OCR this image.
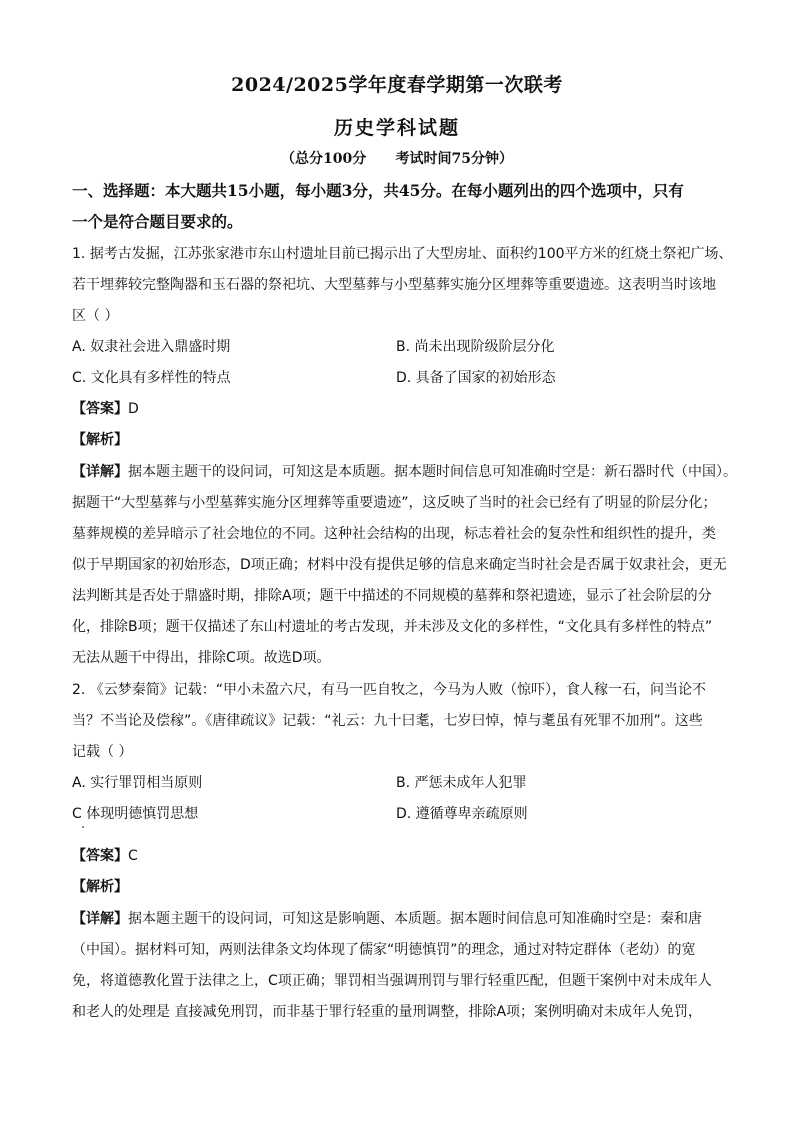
2024/2025学年度春学期第一次联考
历史学科试题
（总分100分      考试时间75分钟）
一、选择题：本大题共15小题，每小题3分，共45分。在每小题列出的四个选项中，只有
一个是符合题目要求的。
1. 据考古发掘，江苏张家港市东山村遗址目前已揭示出了大型房址、面积约100平方米的红烧土祭祀广场、
若干埋葬较完整陶器和玉石器的祭祀坑、大型墓葬与小型墓葬实施分区埋葬等重要遗迹。这表明当时该地
区（ ）
A. 奴隶社会进入鼎盛时期	B. 尚未出现阶级阶层分化
C. 文化具有多样性的特点	D. 具备了国家的初始形态
【答案】D
【解析】
【详解】据本题主题干的设问词，可知这是本质题。据本题时间信息可知准确时空是：新石器时代（中国）。
据题干“大型墓葬与小型墓葬实施分区埋葬等重要遗迹”，这反映了当时的社会已经有了明显的阶层分化；
墓葬规模的差异暗示了社会地位的不同。这种社会结构的出现，标志着社会的复杂性和组织性的提升，类
似于早期国家的初始形态，D项正确；材料中没有提供足够的信息来确定当时社会是否属于奴隶社会，更无
法判断其是否处于鼎盛时期，排除A项；题干中描述的不同规模的墓葬和祭祀遗迹，显示了社会阶层的分
化，排除B项；题干仅描述了东山村遗址的考古发现，并未涉及文化的多样性，“文化具有多样性的特点”
无法从题干中得出，排除C项。故选D项。
2. 《云梦秦简》记载：“甲小未盈六尺，有马一匹自牧之，今马为人败（惊吓），食人稼一石，问当论不
当？不当论及偿稼”。《唐律疏议》记载：“礼云：九十曰耄，七岁曰悼，悼与耄虽有死罪不加刑”。这些
记载（ ）
A. 实行罪罚相当原则	B. 严惩未成年人犯罪
C 体现明德慎罚思想	D. 遵循尊卑亲疏原则
【答案】C
【解析】
【详解】据本题主题干的设问词，可知这是影响题、本质题。据本题时间信息可知准确时空是：秦和唐
（中国）。据材料可知，两则法律条文均体现了儒家“明德慎罚”的理念，通过对特定群体（老幼）的宽
免，将道德教化置于法律之上，C项正确；罪罚相当强调刑罚与罪行轻重匹配，但题干案例中对未成年人
和老人的处理是 直接减免刑罚，而非基于罪行轻重的量刑调整，排除A项；案例明确对未成年人免罚，
